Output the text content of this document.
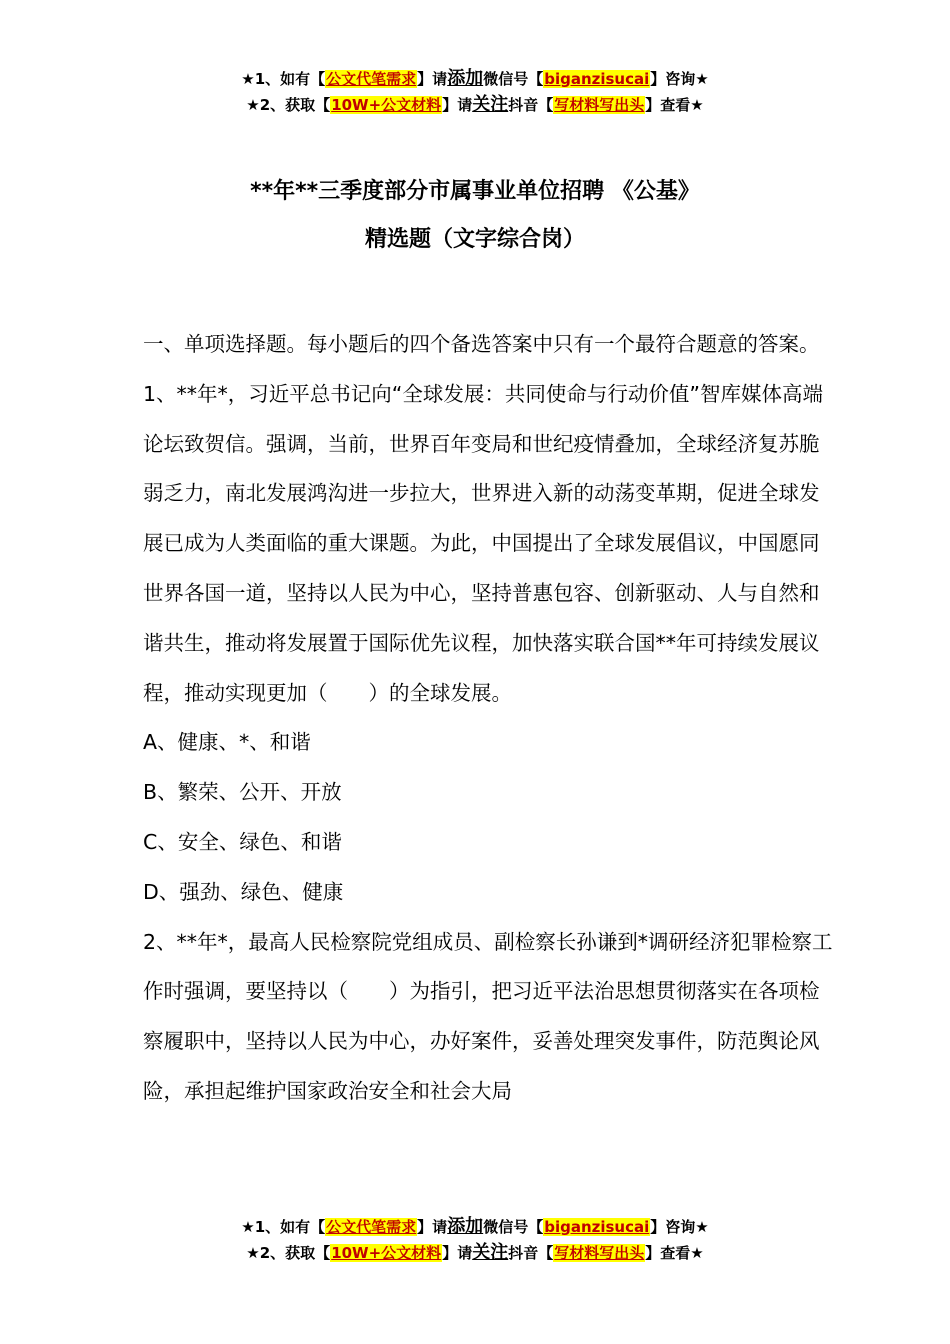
★1、如有【公文代笔需求】请添加微信号【biganzisucai】咨询★
★2、获取【10W+公文材料】请关注抖音【写材料写出头】查看★
**年**三季度部分市属事业单位招聘 《公基》
精选题（文字综合岗）

一、单项选择题。每小题后的四个备选答案中只有一个最符合题意的答案。

1、**年*，习近平总书记向“全球发展：共同使命与行动价值”智库媒体高端论坛致贺信。强调，当前，世界百年变局和世纪疫情叠加，全球经济复苏脆弱乏力，南北发展鸿沟进一步拉大，世界进入新的动荡变革期，促进全球发展已成为人类面临的重大课题。为此，中国提出了全球发展倡议，中国愿同世界各国一道，坚持以人民为中心，坚持普惠包容、创新驱动、人与自然和谐共生，推动将发展置于国际优先议程，加快落实联合国**年可持续发展议程，推动实现更加（　　）的全球发展。

A、健康、*、和谐

B、繁荣、公开、开放

C、安全、绿色、和谐

D、强劲、绿色、健康

2、**年*，最高人民检察院党组成员、副检察长孙谦到*调研经济犯罪检察工作时强调，要坚持以（　　）为指引，把习近平法治思想贯彻落实在各项检察履职中，坚持以人民为中心，办好案件，妥善处理突发事件，防范舆论风险，承担起维护国家政治安全和社会大局

★1、如有【公文代笔需求】请添加微信号【biganzisucai】咨询★
★2、获取【10W+公文材料】请关注抖音【写材料写出头】查看★
